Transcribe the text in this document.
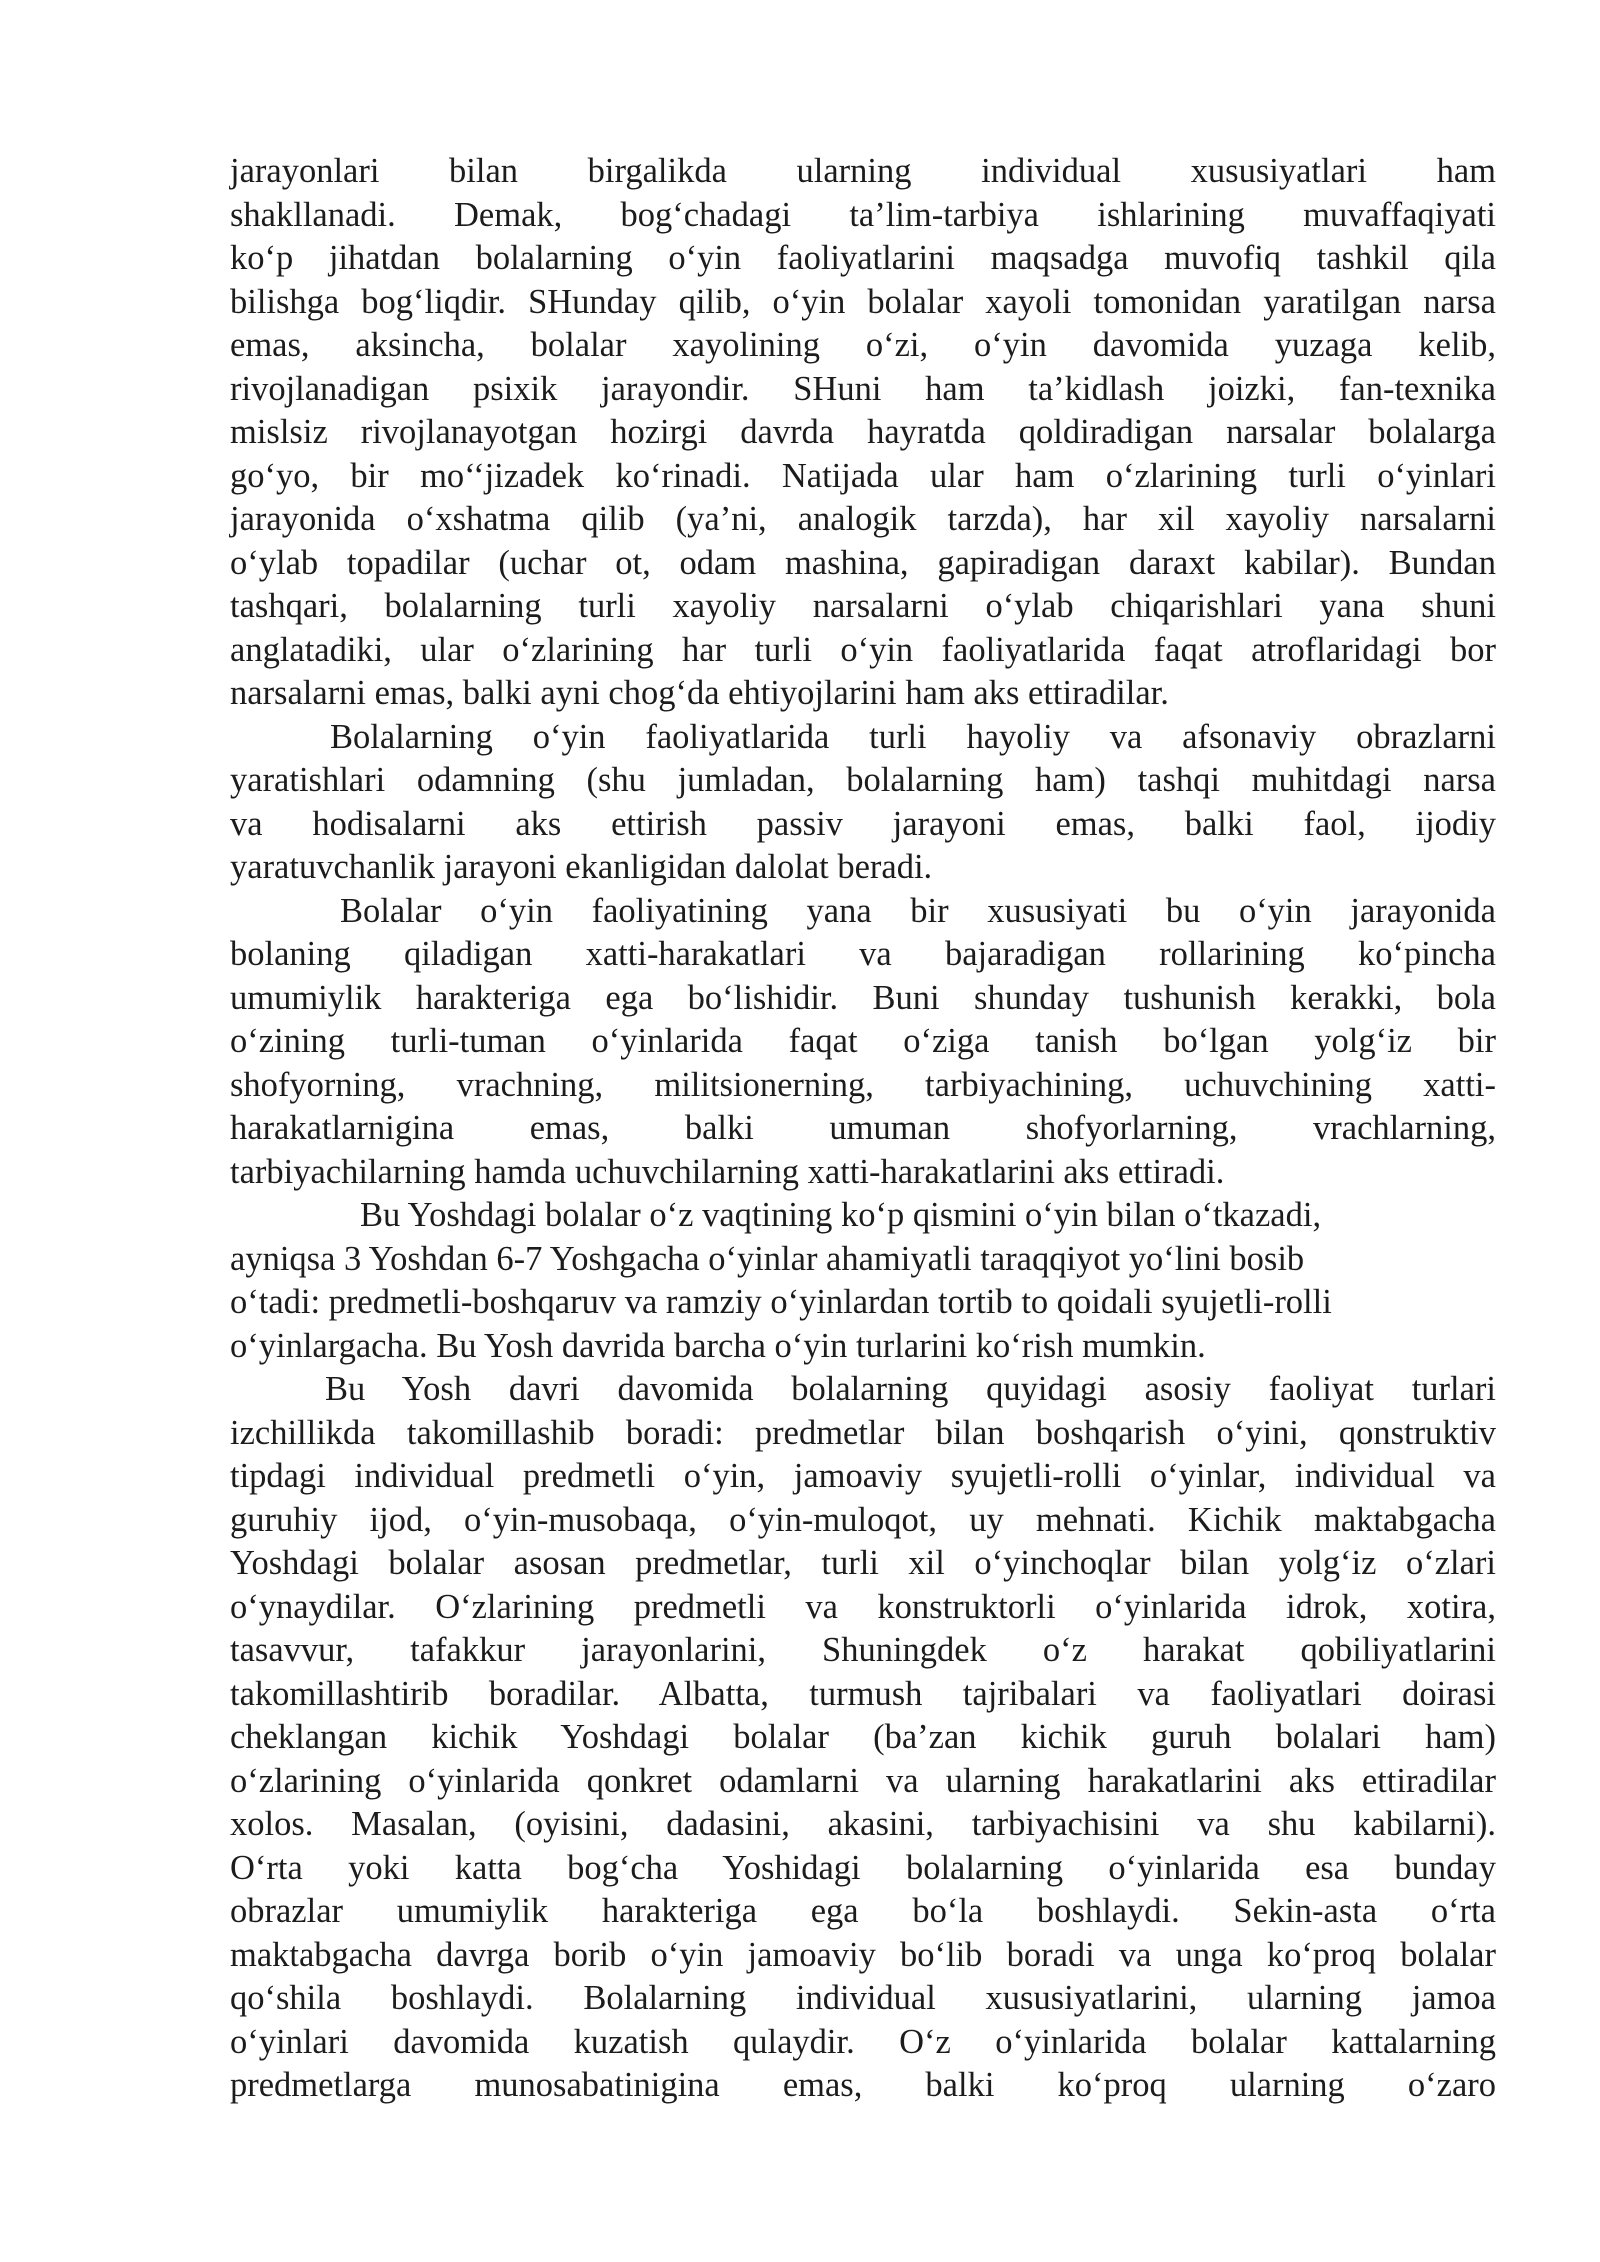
jarayonlari bilan birgalikda ularning individual xususiyatlari ham
shakllanadi. Demak, bog‘chadagi ta’lim-tarbiya ishlarining muvaffaqiyati
ko‘p jihatdan bolalarning o‘yin faoliyatlarini maqsadga muvofiq tashkil qila
bilishga bog‘liqdir. SHunday qilib, o‘yin bolalar xayoli tomonidan yaratilgan narsa
emas, aksincha, bolalar xayolining o‘zi, o‘yin davomida yuzaga kelib,
rivojlanadigan psixik jarayondir. SHuni ham ta’kidlash joizki, fan-texnika
mislsiz rivojlanayotgan hozirgi davrda hayratda qoldiradigan narsalar bolalarga
go‘yo, bir mo‘‘jizadek ko‘rinadi. Natijada ular ham o‘zlarining turli o‘yinlari
jarayonida o‘xshatma qilib (ya’ni, analogik tarzda), har xil xayoliy narsalarni
o‘ylab topadilar (uchar ot, odam mashina, gapiradigan daraxt kabilar). Bundan
tashqari, bolalarning turli xayoliy narsalarni o‘ylab chiqarishlari yana shuni
anglatadiki, ular o‘zlarining har turli o‘yin faoliyatlarida faqat atroflaridagi bor
narsalarni emas, balki ayni chog‘da ehtiyojlarini ham aks ettiradilar.
Bolalarning o‘yin faoliyatlarida turli hayoliy va afsonaviy obrazlarni
yaratishlari odamning (shu jumladan, bolalarning ham) tashqi muhitdagi narsa
va hodisalarni aks ettirish passiv jarayoni emas, balki faol, ijodiy
yaratuvchanlik jarayoni ekanligidan dalolat beradi.
Bolalar o‘yin faoliyatining yana bir xususiyati bu o‘yin jarayonida
bolaning qiladigan xatti-harakatlari va bajaradigan rollarining ko‘pincha
umumiylik harakteriga ega bo‘lishidir. Buni shunday tushunish kerakki, bola
o‘zining turli-tuman o‘yinlarida faqat o‘ziga tanish bo‘lgan yolg‘iz bir
shofyorning, vrachning, militsionerning, tarbiyachining, uchuvchining xatti-
harakatlarnigina emas, balki umuman shofyorlarning, vrachlarning,
tarbiyachilarning hamda uchuvchilarning xatti-harakatlarini aks ettiradi.
Bu Yoshdagi bolalar o‘z vaqtining ko‘p qismini o‘yin bilan o‘tkazadi,
ayniqsa 3 Yoshdan 6-7 Yoshgacha o‘yinlar ahamiyatli taraqqiyot yo‘lini bosib
o‘tadi: predmetli-boshqaruv va ramziy o‘yinlardan tortib to qoidali syujetli-rolli
o‘yinlargacha. Bu Yosh davrida barcha o‘yin turlarini ko‘rish mumkin.
Bu Yosh davri davomida bolalarning quyidagi asosiy faoliyat turlari
izchillikda takomillashib boradi: predmetlar bilan boshqarish o‘yini, qonstruktiv
tipdagi individual predmetli o‘yin, jamoaviy syujetli-rolli o‘yinlar, individual va
guruhiy ijod, o‘yin-musobaqa, o‘yin-muloqot, uy mehnati. Kichik maktabgacha
Yoshdagi bolalar asosan predmetlar, turli xil o‘yinchoqlar bilan yolg‘iz o‘zlari
o‘ynaydilar. O‘zlarining predmetli va konstruktorli o‘yinlarida idrok, xotira,
tasavvur, tafakkur jarayonlarini, Shuningdek o‘z harakat qobiliyatlarini
takomillashtirib boradilar. Albatta, turmush tajribalari va faoliyatlari doirasi
cheklangan kichik Yoshdagi bolalar (ba’zan kichik guruh bolalari ham)
o‘zlarining o‘yinlarida qonkret odamlarni va ularning harakatlarini aks ettiradilar
xolos. Masalan, (oyisini, dadasini, akasini, tarbiyachisini va shu kabilarni).
O‘rta yoki katta bog‘cha Yoshidagi bolalarning o‘yinlarida esa bunday
obrazlar umumiylik harakteriga ega bo‘la boshlaydi. Sekin-asta o‘rta
maktabgacha davrga borib o‘yin jamoaviy bo‘lib boradi va unga ko‘proq bolalar
qo‘shila boshlaydi. Bolalarning individual xususiyatlarini, ularning jamoa
o‘yinlari davomida kuzatish qulaydir. O‘z o‘yinlarida bolalar kattalarning
predmetlarga munosabatinigina emas, balki ko‘proq ularning o‘zaro
